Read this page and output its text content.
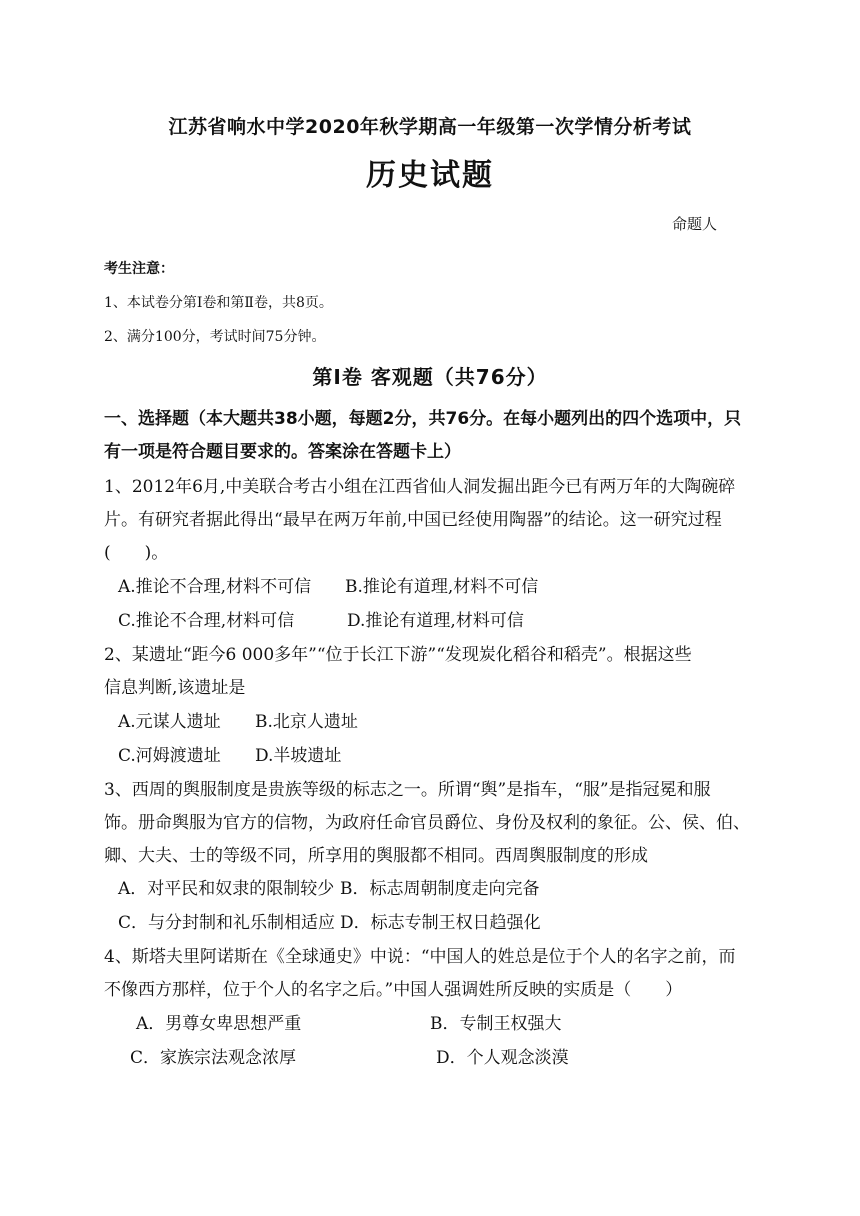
江苏省响水中学2020年秋学期高一年级第一次学情分析考试
历史试题
命题人
考生注意：
1、本试卷分第Ⅰ卷和第Ⅱ卷，共8页。
2、满分100分，考试时间75分钟。
第Ⅰ卷 客观题（共76分）
一、选择题（本大题共38小题，每题2分，共76分。在每小题列出的四个选项中，只
有一项是符合题目要求的。答案涂在答题卡上）
1、2012年6月,中美联合考古小组在江西省仙人洞发掘出距今已有两万年的大陶碗碎
片。有研究者据此得出“最早在两万年前,中国已经使用陶器”的结论。这一研究过程
(　　)。
A.推论不合理,材料不可信 B.推论有道理,材料不可信
C.推论不合理,材料可信	D.推论有道理,材料可信
2、某遗址“距今6 000多年”“位于长江下游”“发现炭化稻谷和稻壳”。根据这些
信息判断,该遗址是
A.元谋人遗址 B.北京人遗址
C.河姆渡遗址 D.半坡遗址
3、西周的舆服制度是贵族等级的标志之一。所谓“舆”是指车，“服”是指冠冕和服
饰。册命舆服为官方的信物，为政府任命官员爵位、身份及权利的象征。公、侯、伯、
卿、大夫、士的等级不同，所享用的舆服都不相同。西周舆服制度的形成
A．对平民和奴隶的限制较少 B．标志周朝制度走向完备
C．与分封制和礼乐制相适应 D．标志专制王权日趋强化
4、斯塔夫里阿诺斯在《全球通史》中说：“中国人的姓总是位于个人的名字之前，而
不像西方那样，位于个人的名字之后。”中国人强调姓所反映的实质是（　　）
A．男尊女卑思想严重	B．专制王权强大
C．家族宗法观念浓厚	D．个人观念淡漠
